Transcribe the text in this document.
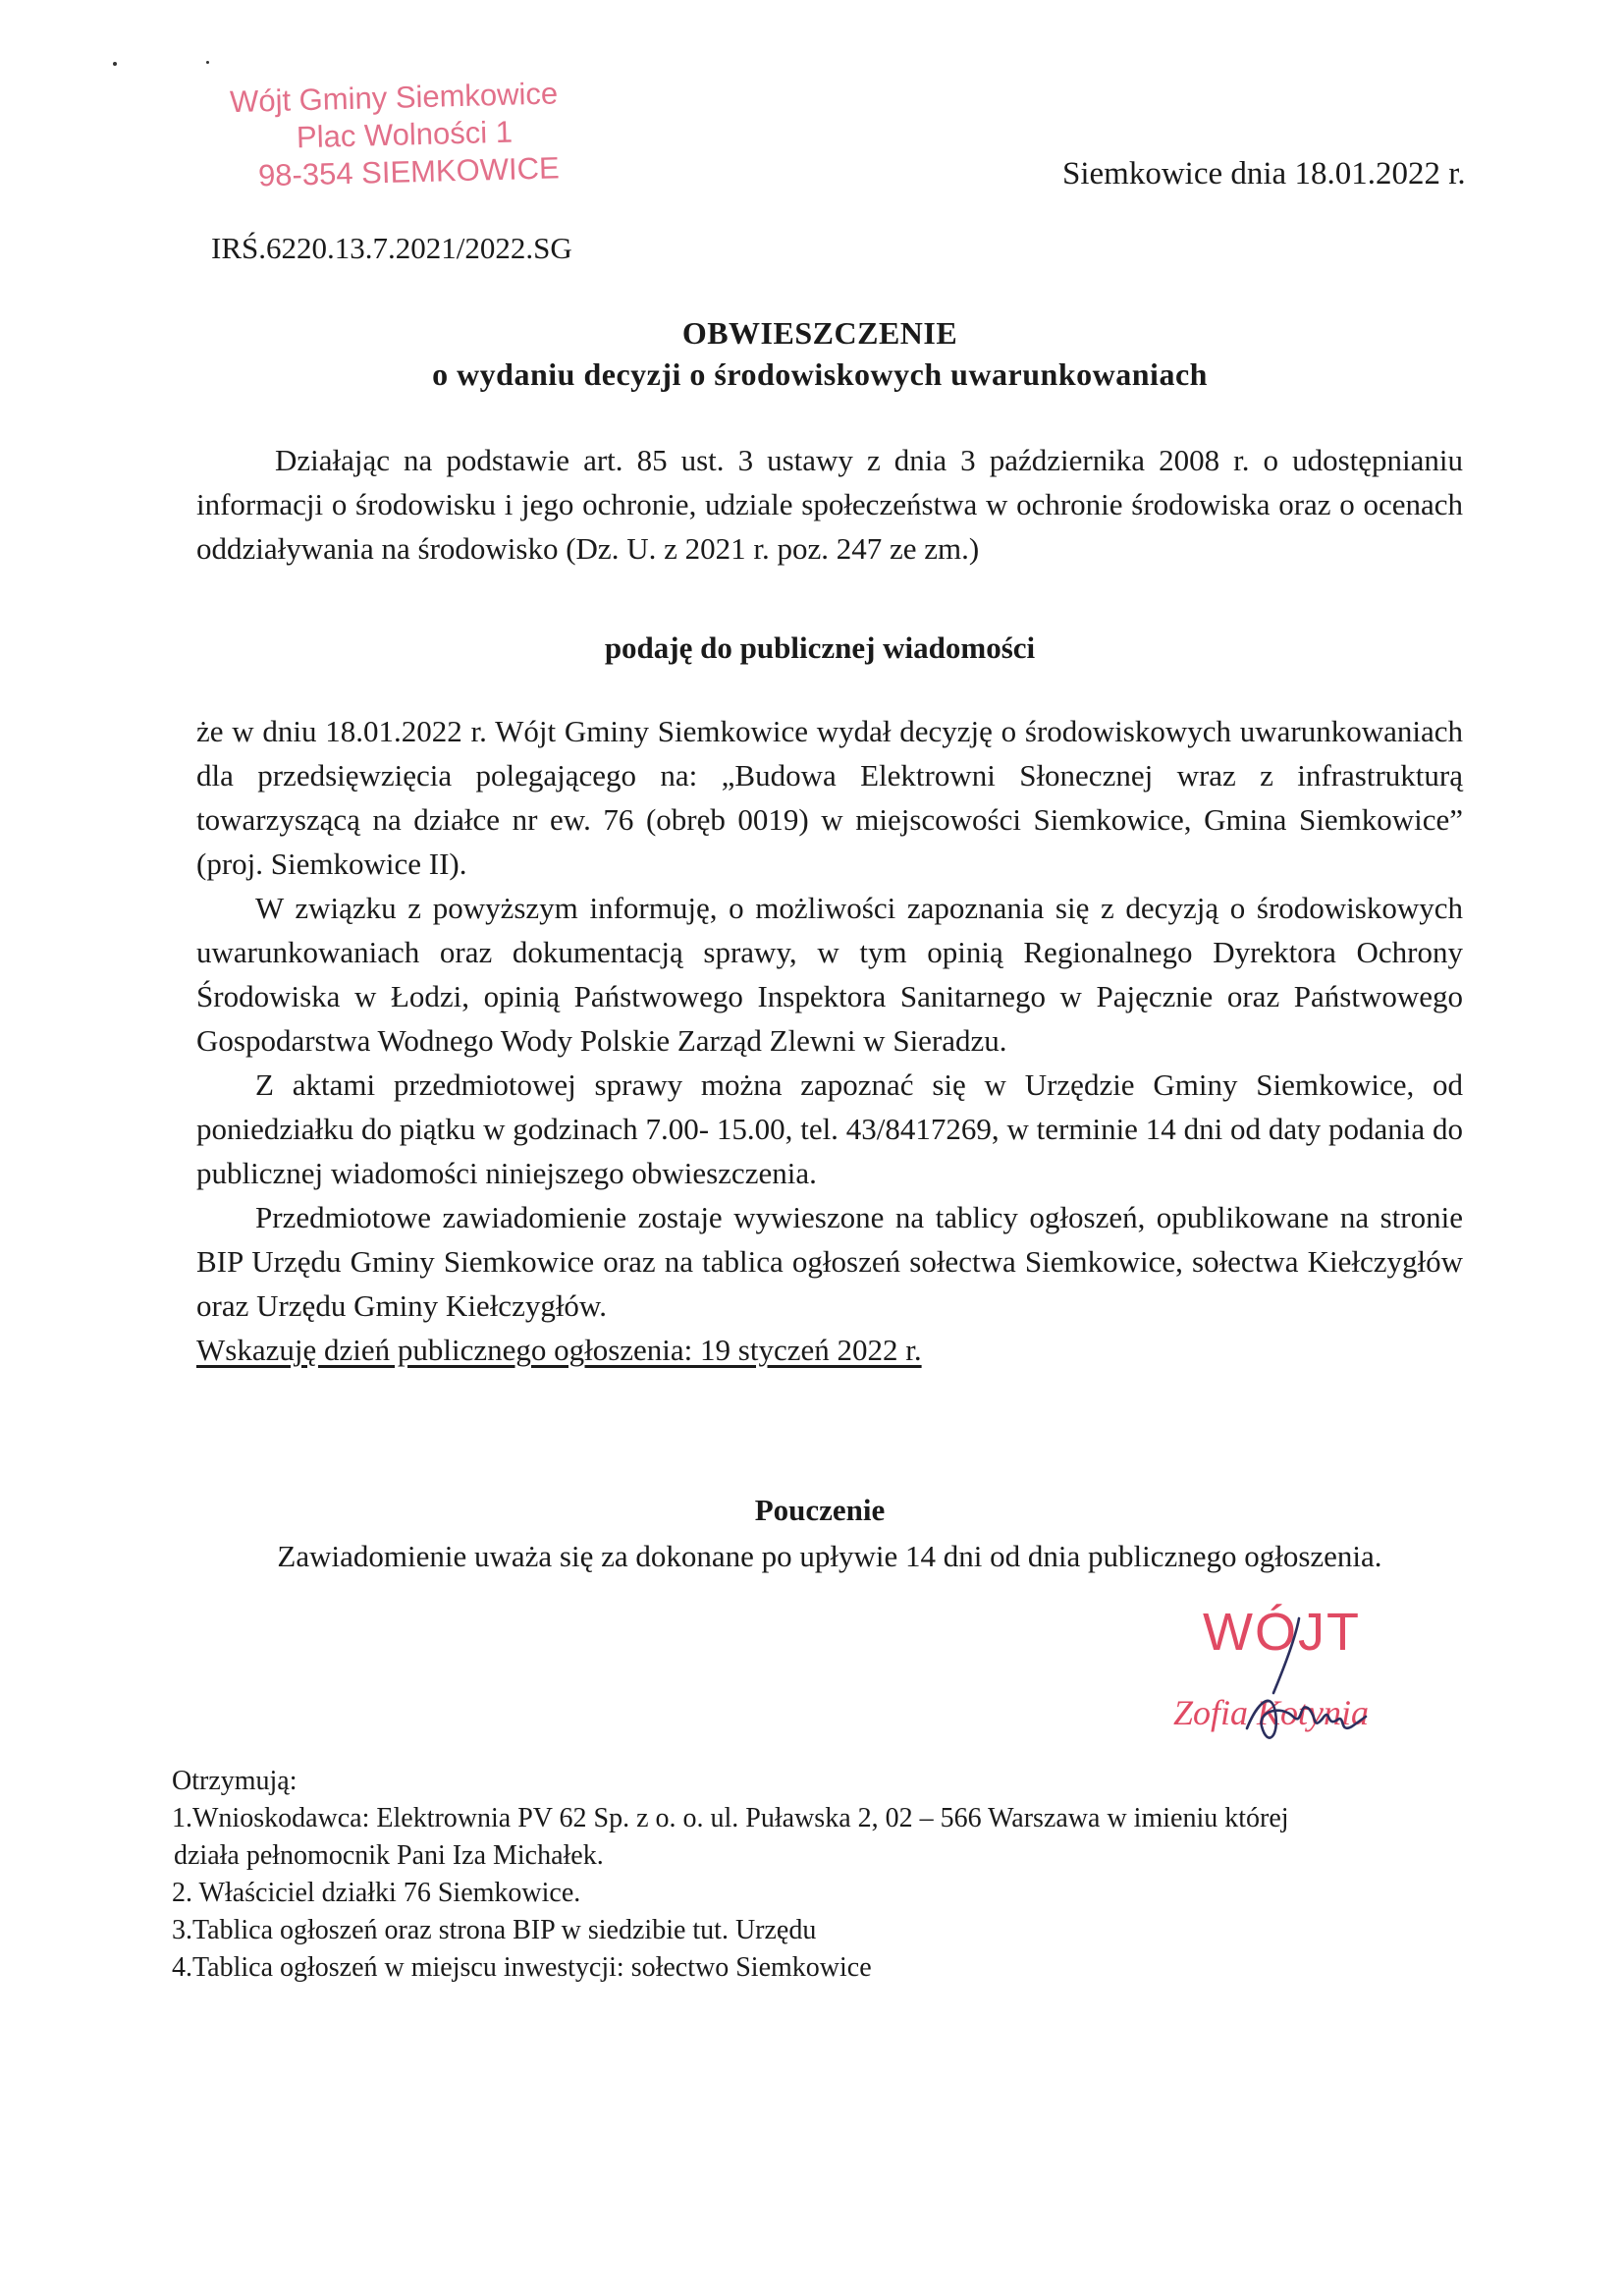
Wójt Gminy Siemkowice
Plac Wolności 1
98-354 SIEMKOWICE	Siemkowice dnia 18.01.2022 r.
IRŚ.6220.13.7.2021/2022.SG
OBWIESZCZENIE
o wydaniu decyzji o środowiskowych uwarunkowaniach
Działając na podstawie art. 85 ust. 3 ustawy z dnia 3 października 2008 r. o udostępnianiu informacji o środowisku i jego ochronie, udziale społeczeństwa w ochronie środowiska oraz o ocenach oddziaływania na środowisko (Dz. U. z 2021 r. poz. 247 ze zm.)
podaję do publicznej wiadomości

że w dniu 18.01.2022 r. Wójt Gminy Siemkowice wydał decyzję o środowiskowych uwarunkowaniach dla przedsięwzięcia polegającego na: „Budowa Elektrowni Słonecznej wraz z infrastrukturą towarzyszącą na działce nr ew. 76 (obręb 0019) w miejscowości Siemkowice, Gmina Siemkowice” (proj. Siemkowice II).

W związku z powyższym informuję, o możliwości zapoznania się z decyzją o środowiskowych uwarunkowaniach oraz dokumentacją sprawy, w tym opinią Regionalnego Dyrektora Ochrony Środowiska w Łodzi, opinią Państwowego Inspektora Sanitarnego w Pajęcznie oraz Państwowego Gospodarstwa Wodnego Wody Polskie Zarząd Zlewni w Sieradzu.

Z aktami przedmiotowej sprawy można zapoznać się w Urzędzie Gminy Siemkowice, od poniedziałku do piątku w godzinach 7.00- 15.00, tel. 43/8417269, w terminie 14 dni od daty podania do publicznej wiadomości niniejszego obwieszczenia.

Przedmiotowe zawiadomienie zostaje wywieszone na tablicy ogłoszeń, opublikowane na stronie BIP Urzędu Gminy Siemkowice oraz na tablica ogłoszeń sołectwa Siemkowice, sołectwa Kiełczygłów oraz Urzędu Gminy Kiełczygłów.

Wskazuję dzień publicznego ogłoszenia: 19 styczeń 2022 r.

Pouczenie
Zawiadomienie uważa się za dokonane po upływie 14 dni od dnia publicznego ogłoszenia.
WÓJT
Zofia Kotynia
Otrzymują:
1.Wnioskodawca: Elektrownia PV 62 Sp. z o. o. ul. Puławska 2, 02 – 566 Warszawa w imieniu której
działa pełnomocnik Pani Iza Michałek.
2. Właściciel działki 76 Siemkowice.
3.Tablica ogłoszeń oraz strona BIP w siedzibie tut. Urzędu
4.Tablica ogłoszeń w miejscu inwestycji: sołectwo Siemkowice
